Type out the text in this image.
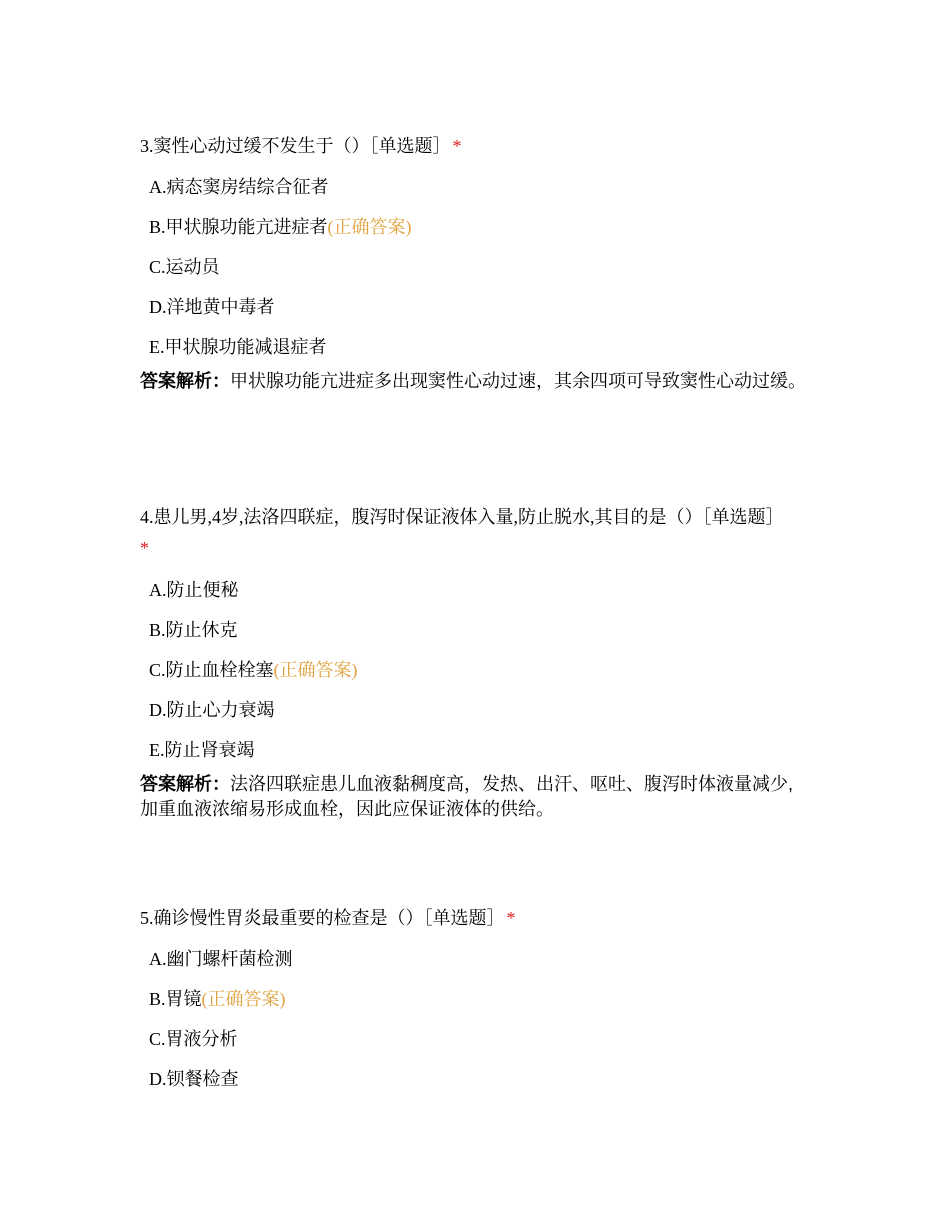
3.窦性心动过缓不发生于（）［单选题］ *

A.病态窦房结综合征者
B.甲状腺功能亢进症者(正确答案)
C.运动员
D.洋地黄中毒者
E.甲状腺功能减退症者
答案解析：甲状腺功能亢进症多出现窦性心动过速，其余四项可导致窦性心动过缓。

4.患儿男,4岁,法洛四联症，腹泻时保证液体入量,防止脱水,其目的是（）［单选题］
*

A.防止便秘
B.防止休克
C.防止血栓栓塞(正确答案)
D.防止心力衰竭
E.防止肾衰竭
答案解析：法洛四联症患儿血液黏稠度高，发热、出汗、呕吐、腹泻时体液量减少,加重血液浓缩易形成血栓，因此应保证液体的供给。

5.确诊慢性胃炎最重要的检查是（）［单选题］ *

A.幽门螺杆菌检测
B.胃镜(正确答案)
C.胃液分析
D.钡餐检查
